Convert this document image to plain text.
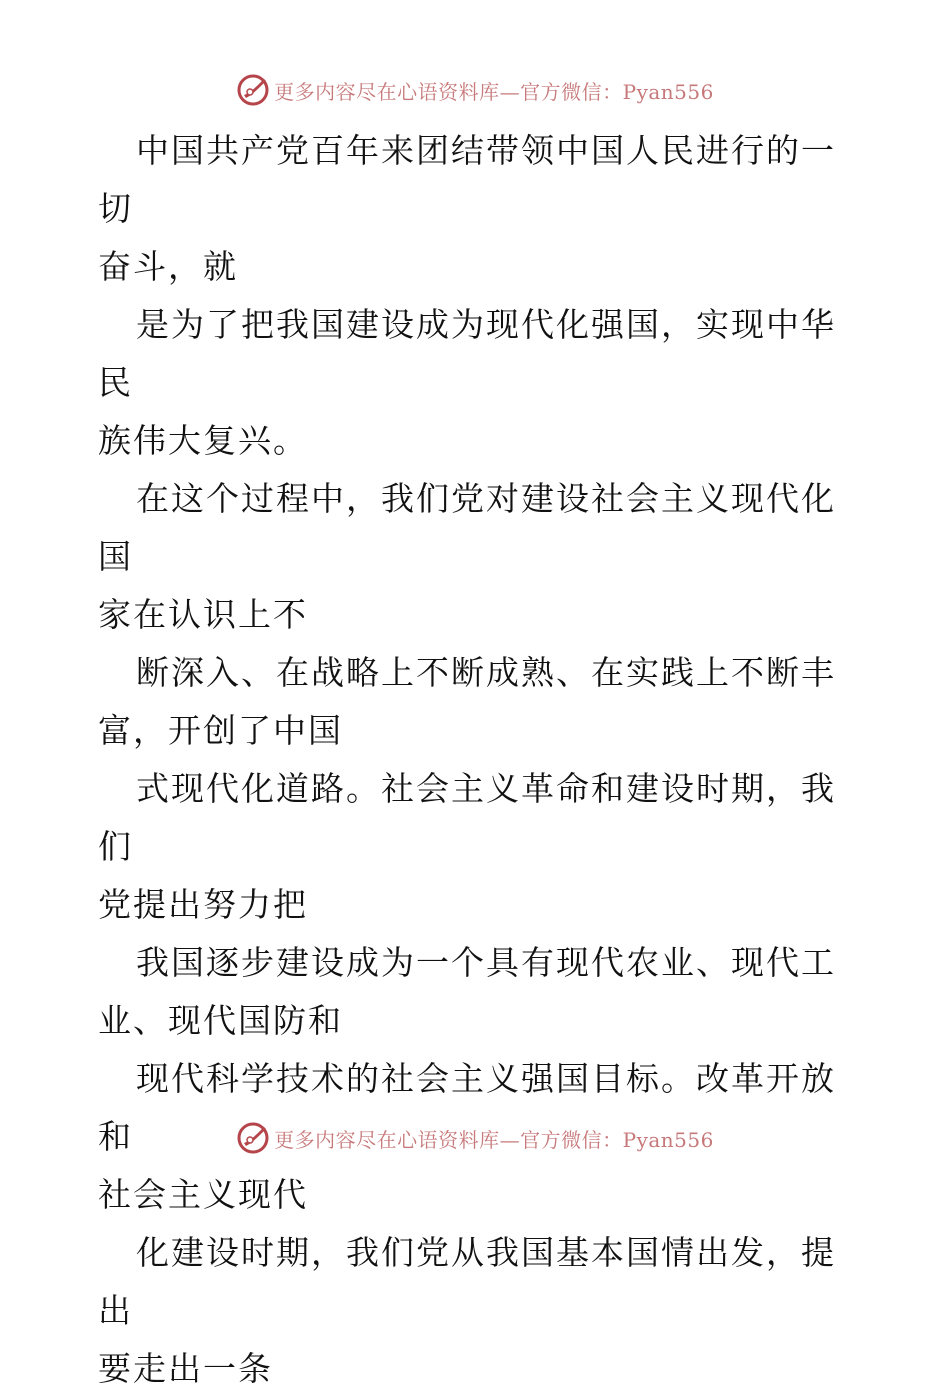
更多内容尽在心语资料库—官方微信：Pyan556

中国共产党百年来团结带领中国人民进行的一切
奋斗，就

是为了把我国建设成为现代化强国，实现中华民
族伟大复兴。

在这个过程中，我们党对建设社会主义现代化国
家在认识上不

断深入、在战略上不断成熟、在实践上不断丰
富，开创了中国

式现代化道路。社会主义革命和建设时期，我们
党提出努力把

我国逐步建设成为一个具有现代农业、现代工
业、现代国防和

现代科学技术的社会主义强国目标。改革开放和
社会主义现代

化建设时期，我们党从我国基本国情出发，提出
要走出一条

更多内容尽在心语资料库—官方微信：Pyan556
